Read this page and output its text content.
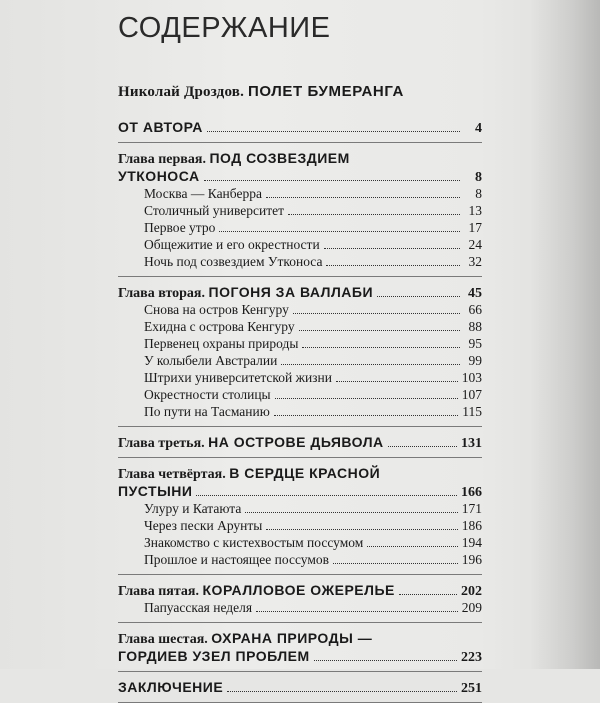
СОДЕРЖАНИЕ
Николай Дроздов. ПОЛЕТ БУМЕРАНГА
ОТ АВТОРА	4
Глава первая.
ПОД СОЗВЕЗДИЕМ
УТКОНОСА	8
Москва — Канберра	8
Столичный университет	13
Первое утро	17
Общежитие и его окрестности	24
Ночь под созвездием Утконоса	32
Глава вторая.
ПОГОНЯ ЗА ВАЛЛАБИ	45
Снова на остров Кенгуру	66
Ехидна с острова Кенгуру	88
Первенец охраны природы	95
У колыбели Австралии	99
Штрихи университетской жизни	103
Окрестности столицы	107
По пути на Тасманию	115
Глава третья.
НА ОСТРОВЕ ДЬЯВОЛА	131
Глава четвёртая.
В СЕРДЦЕ КРАСНОЙ
ПУСТЫНИ	166
Улуру и Катаюта	171
Через пески Арунты	186
Знакомство с кистехвостым поссумом	194
Прошлое и настоящее поссумов	196
Глава пятая.
КОРАЛЛОВОЕ ОЖЕРЕЛЬЕ	202
Папуасская неделя	209
Глава шестая.
ОХРАНА ПРИРОДЫ —
ГОРДИЕВ УЗЕЛ ПРОБЛЕМ	223
ЗАКЛЮЧЕНИЕ	251
